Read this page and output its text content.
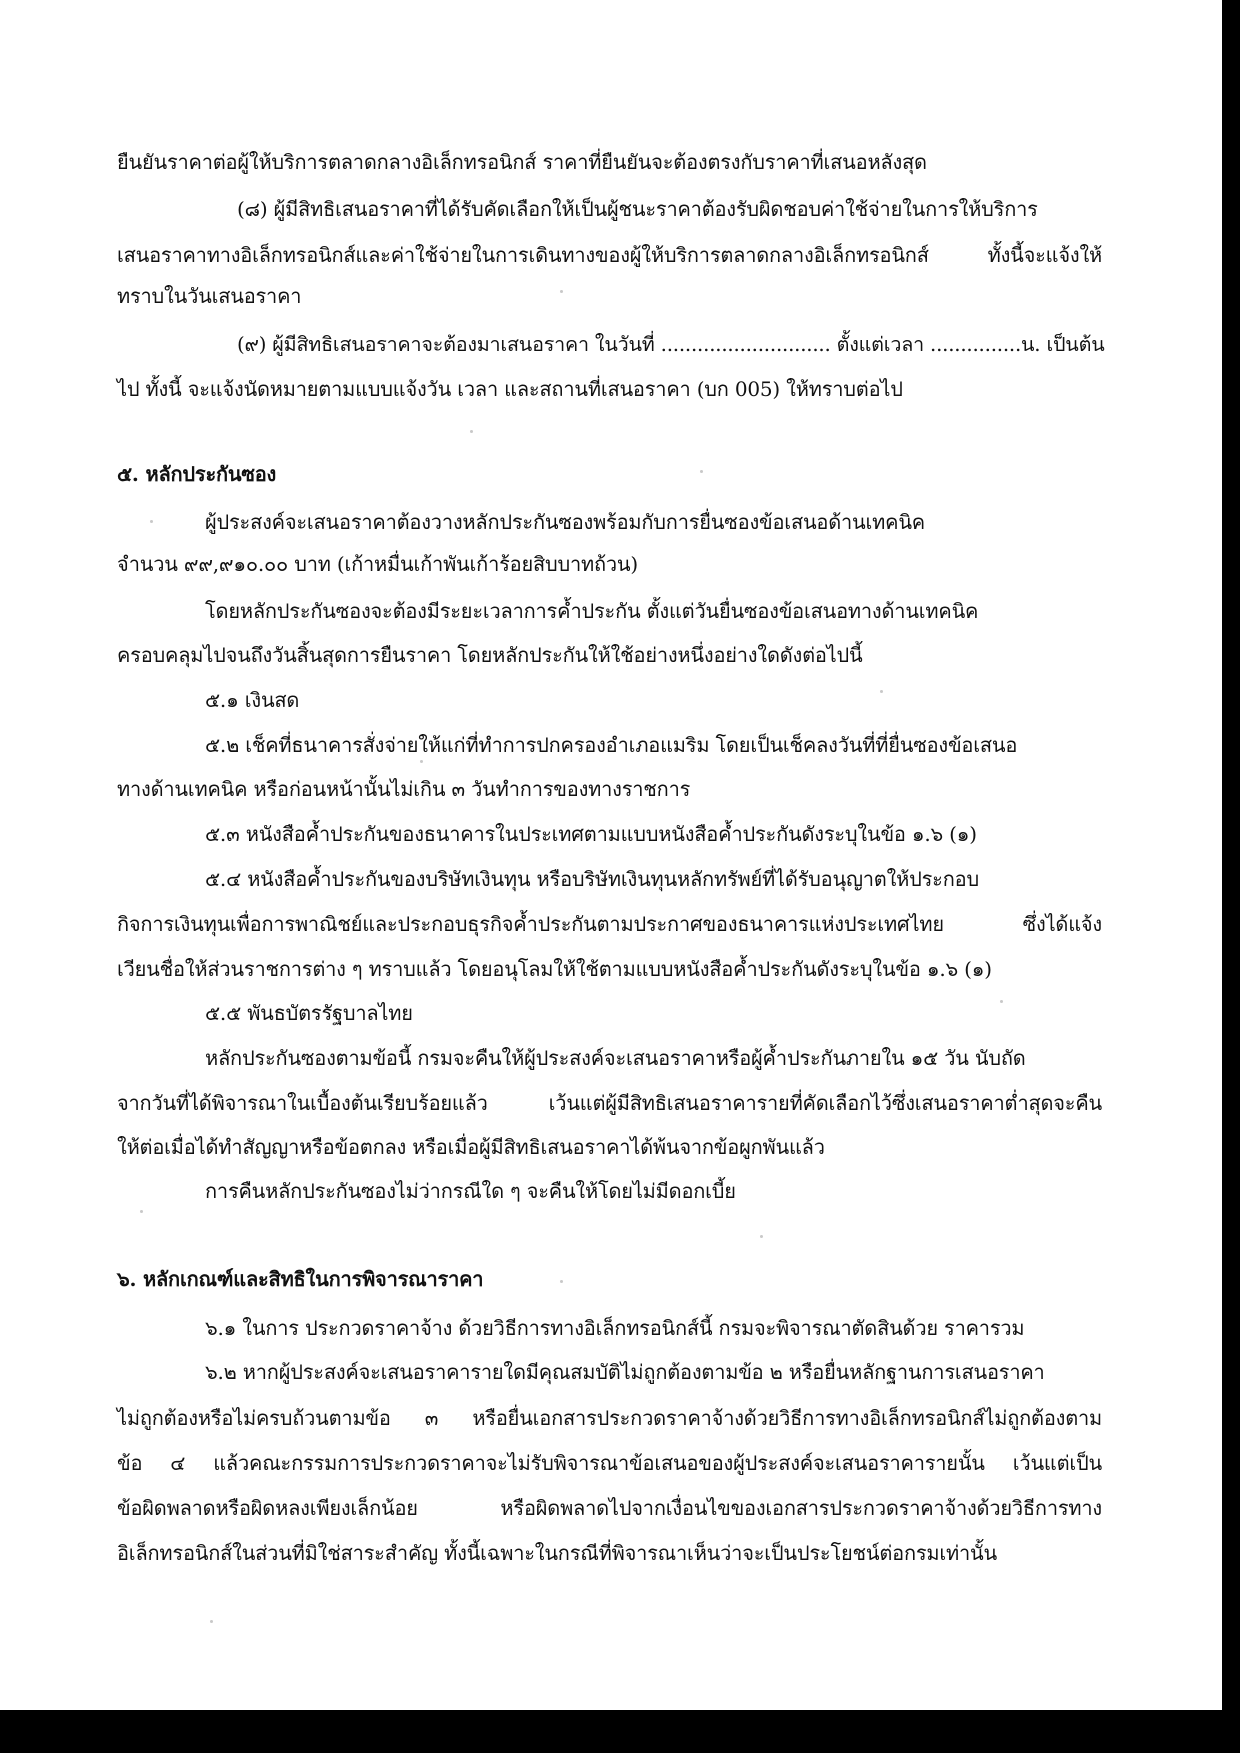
ยืนยันราคาต่อผู้ให้บริการตลาดกลางอิเล็กทรอนิกส์ ราคาที่ยืนยันจะต้องตรงกับราคาที่เสนอหลังสุด
(๘) ผู้มีสิทธิเสนอราคาที่ได้รับคัดเลือกให้เป็นผู้ชนะราคาต้องรับผิดชอบค่าใช้จ่ายในการให้บริการ
เสนอราคาทางอิเล็กทรอนิกส์และค่าใช้จ่ายในการเดินทางของผู้ให้บริการตลาดกลางอิเล็กทรอนิกส์ ทั้งนี้จะแจ้งให้
ทราบในวันเสนอราคา
(๙) ผู้มีสิทธิเสนอราคาจะต้องมาเสนอราคา ในวันที่ ............................ ตั้งแต่เวลา ...............น. เป็นต้น
ไป ทั้งนี้ จะแจ้งนัดหมายตามแบบแจ้งวัน เวลา และสถานที่เสนอราคา (บก 005) ให้ทราบต่อไป
๕. หลักประกันซอง
ผู้ประสงค์จะเสนอราคาต้องวางหลักประกันซองพร้อมกับการยื่นซองข้อเสนอด้านเทคนิค
จำนวน ๙๙,๙๑๐.๐๐ บาท (เก้าหมื่นเก้าพันเก้าร้อยสิบบาทถ้วน)
โดยหลักประกันซองจะต้องมีระยะเวลาการค้ำประกัน ตั้งแต่วันยื่นซองข้อเสนอทางด้านเทคนิค
ครอบคลุมไปจนถึงวันสิ้นสุดการยืนราคา โดยหลักประกันให้ใช้อย่างหนึ่งอย่างใดดังต่อไปนี้
๕.๑ เงินสด
๕.๒ เช็คที่ธนาคารสั่งจ่ายให้แก่ที่ทำการปกครองอำเภอแมริม โดยเป็นเช็คลงวันที่ที่ยื่นซองข้อเสนอ
ทางด้านเทคนิค หรือก่อนหน้านั้นไม่เกิน ๓ วันทำการของทางราชการ
๕.๓ หนังสือค้ำประกันของธนาคารในประเทศตามแบบหนังสือค้ำประกันดังระบุในข้อ ๑.๖ (๑)
๕.๔ หนังสือค้ำประกันของบริษัทเงินทุน หรือบริษัทเงินทุนหลักทรัพย์ที่ได้รับอนุญาตให้ประกอบ
กิจการเงินทุนเพื่อการพาณิชย์และประกอบธุรกิจค้ำประกันตามประกาศของธนาคารแห่งประเทศไทย ซึ่งได้แจ้ง
เวียนชื่อให้ส่วนราชการต่าง ๆ ทราบแล้ว โดยอนุโลมให้ใช้ตามแบบหนังสือค้ำประกันดังระบุในข้อ ๑.๖ (๑)
๕.๕ พันธบัตรรัฐบาลไทย
หลักประกันซองตามข้อนี้ กรมจะคืนให้ผู้ประสงค์จะเสนอราคาหรือผู้ค้ำประกันภายใน ๑๕ วัน นับถัด
จากวันที่ได้พิจารณาในเบื้องต้นเรียบร้อยแล้ว เว้นแต่ผู้มีสิทธิเสนอราคารายที่คัดเลือกไว้ซึ่งเสนอราคาต่ำสุดจะคืน
ให้ต่อเมื่อได้ทำสัญญาหรือข้อตกลง หรือเมื่อผู้มีสิทธิเสนอราคาได้พ้นจากข้อผูกพันแล้ว
การคืนหลักประกันซองไม่ว่ากรณีใด ๆ จะคืนให้โดยไม่มีดอกเบี้ย
๖. หลักเกณฑ์และสิทธิในการพิจารณาราคา
๖.๑ ในการ ประกวดราคาจ้าง ด้วยวิธีการทางอิเล็กทรอนิกส์นี้ กรมจะพิจารณาตัดสินด้วย ราคารวม
๖.๒ หากผู้ประสงค์จะเสนอราคารายใดมีคุณสมบัติไม่ถูกต้องตามข้อ ๒ หรือยื่นหลักฐานการเสนอราคา
ไม่ถูกต้องหรือไม่ครบถ้วนตามข้อ ๓ หรือยื่นเอกสารประกวดราคาจ้างด้วยวิธีการทางอิเล็กทรอนิกส์ไม่ถูกต้องตาม
ข้อ ๔ แล้วคณะกรรมการประกวดราคาจะไม่รับพิจารณาข้อเสนอของผู้ประสงค์จะเสนอราคารายนั้น เว้นแต่เป็น
ข้อผิดพลาดหรือผิดหลงเพียงเล็กน้อย หรือผิดพลาดไปจากเงื่อนไขของเอกสารประกวดราคาจ้างด้วยวิธีการทาง
อิเล็กทรอนิกส์ในส่วนที่มิใช่สาระสำคัญ ทั้งนี้เฉพาะในกรณีที่พิจารณาเห็นว่าจะเป็นประโยชน์ต่อกรมเท่านั้น
